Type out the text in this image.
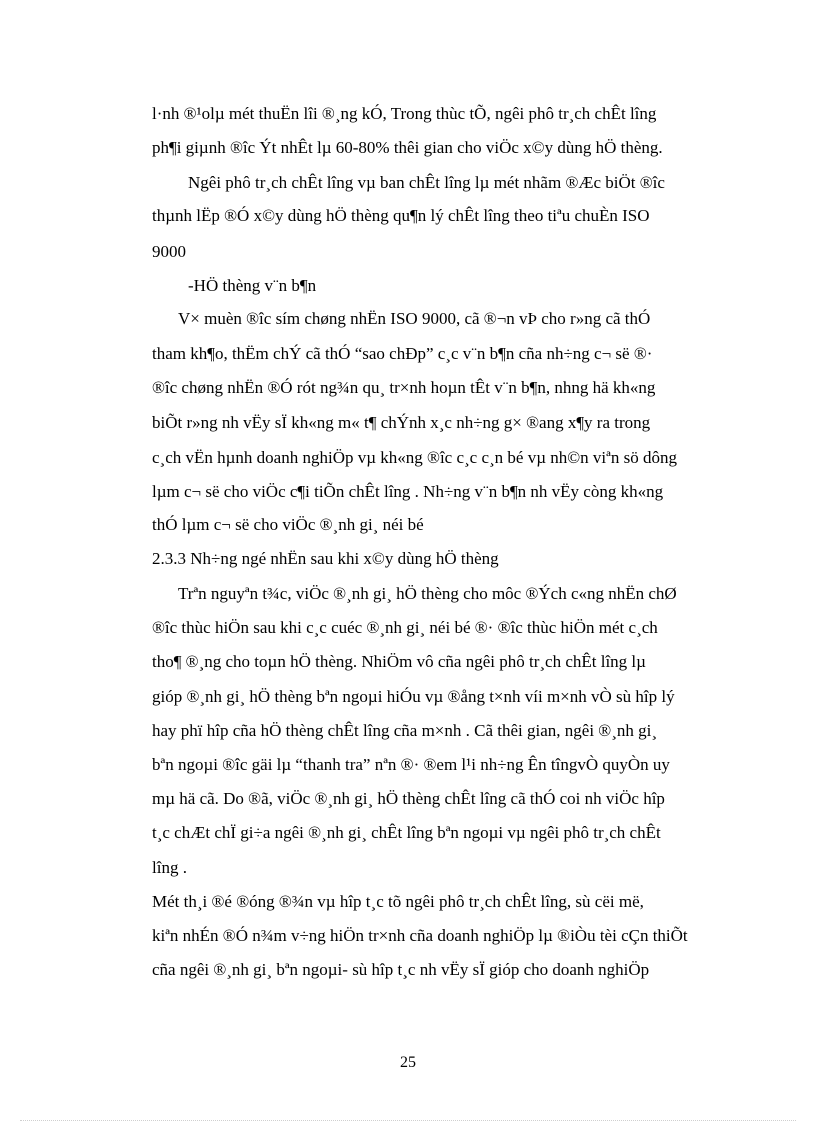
l·nh ®¹olµ mét thuËn lîi ®¸ng kÓ, Trong thùc tÕ, ngêi phô tr¸ch chÊt lîng
ph¶i giµnh ®îc Ýt nhÊt lµ 60-80% thêi gian cho viÖc x©y dùng hÖ thèng.
Ngêi phô tr¸ch chÊt lîng vµ ban chÊt lîng lµ mét nhãm ®Æc biÖt ®îc
thµnh lËp ®Ó x©y dùng hÖ thèng qu¶n lý chÊt lîng theo tiªu chuÈn ISO
9000
-HÖ thèng v¨n b¶n
V× muèn ®îc sím chøng nhËn ISO 9000, cã ®¬n vÞ cho r»ng cã thÓ
tham kh¶o, thËm chÝ cã thÓ “sao chÐp” c¸c v¨n b¶n cña nh÷ng c¬ së ®·
®îc chøng nhËn ®Ó rót ng¾n qu¸ tr×nh hoµn tÊt v¨n b¶n, nhng hä kh«ng
biÕt r»ng nh vËy sÏ kh«ng m« t¶ chÝnh x¸c nh÷ng g× ®ang x¶y ra trong
c¸ch vËn hµnh doanh nghiÖp vµ kh«ng ®îc c¸c c¸n bé vµ nh©n viªn sö dông
lµm c¬ së cho viÖc c¶i tiÕn chÊt lîng . Nh÷ng v¨n b¶n nh vËy còng kh«ng
thÓ lµm c¬ së cho viÖc ®¸nh gi¸ néi bé
2.3.3 Nh÷ng ngé nhËn sau khi x©y dùng hÖ thèng
Trªn nguyªn t¾c, viÖc ®¸nh gi¸ hÖ thèng cho môc ®Ých c«ng nhËn chØ
®îc thùc hiÖn sau khi c¸c cuéc ®¸nh gi¸ néi bé ®· ®îc thùc hiÖn mét c¸ch
tho¶ ®¸ng cho toµn hÖ thèng. NhiÖm vô cña ngêi phô tr¸ch chÊt lîng lµ
gióp ®¸nh gi¸ hÖ thèng bªn ngoµi hiÓu vµ ®ång t×nh víi m×nh vÒ sù hîp lý
hay phï hîp cña hÖ thèng chÊt lîng cña m×nh . Cã thêi gian, ngêi ®¸nh gi¸
bªn ngoµi ®îc gäi lµ “thanh tra” nªn ®· ®em l¹i nh÷ng Ên tîngvÒ quyÒn uy
mµ hä cã. Do ®ã, viÖc ®¸nh gi¸ hÖ thèng chÊt lîng cã thÓ coi nh viÖc hîp
t¸c chÆt chÏ gi÷a ngêi ®¸nh gi¸ chÊt lîng bªn ngoµi vµ ngêi phô tr¸ch chÊt
lîng .
Mét th¸i ®é ®óng ®¾n vµ hîp t¸c tõ ngêi phô tr¸ch chÊt lîng, sù cëi më,
kiªn nhÉn ®Ó n¾m v÷ng hiÖn tr×nh cña doanh nghiÖp lµ ®iÒu tèi cÇn thiÕt
cña ngêi ®¸nh gi¸ bªn ngoµi- sù hîp t¸c nh vËy sÏ gióp cho doanh nghiÖp
25
